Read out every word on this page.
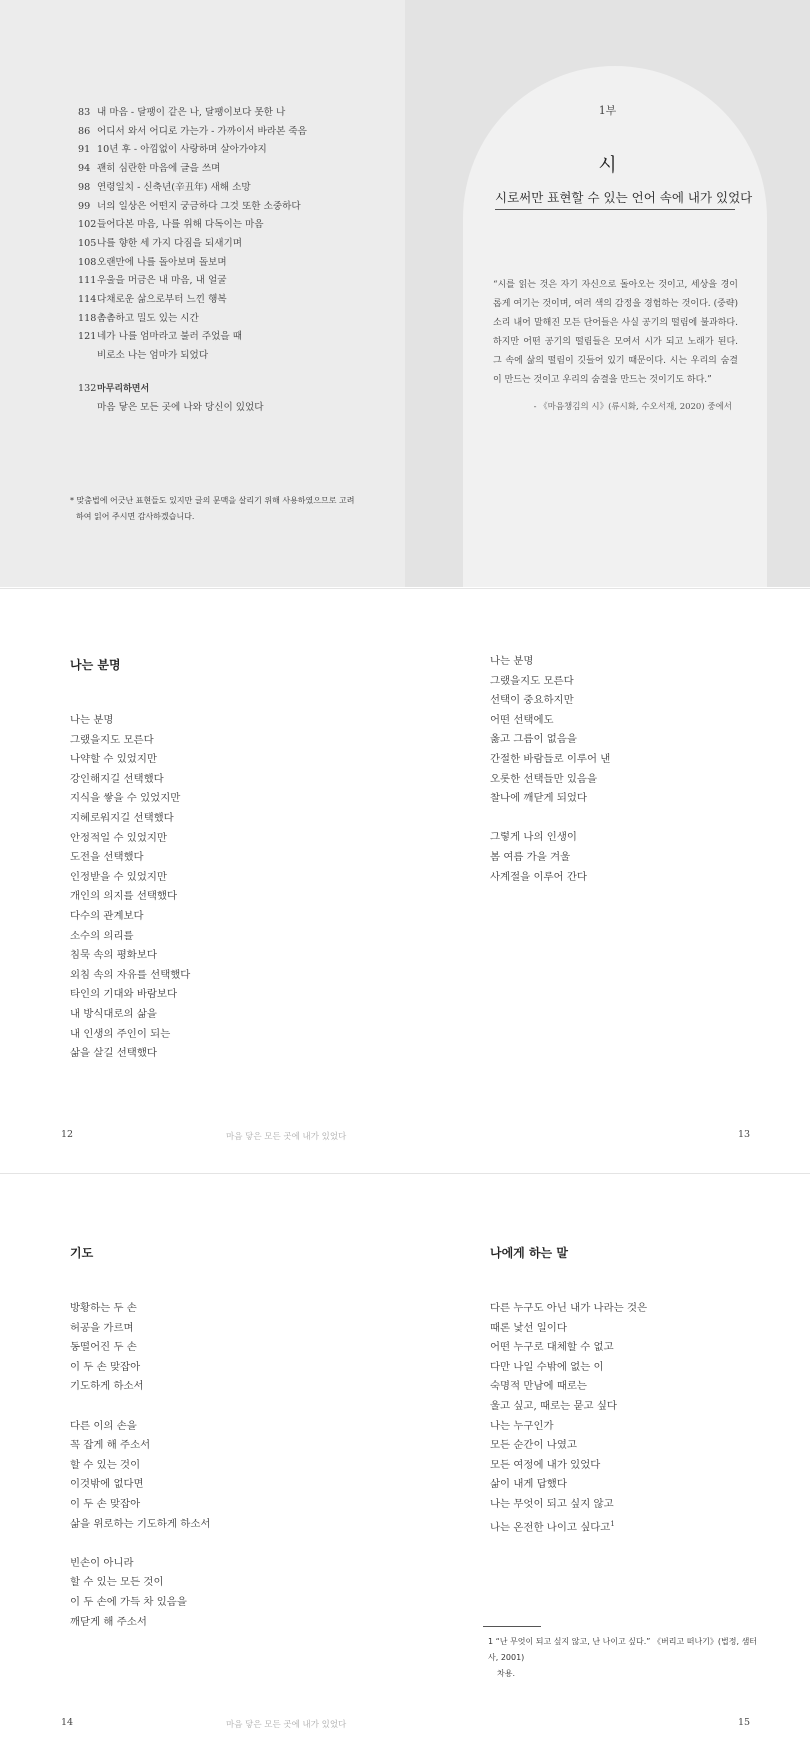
83 내 마음 - 달팽이 같은 나, 달팽이보다 못한 나
86 어디서 와서 어디로 가는가 - 가까이서 바라본 죽음
91 10년 후 - 아낌없이 사랑하며 살아가야지
94 괜히 심란한 마음에 글을 쓰며
98 연령일치 - 신축년(辛丑年) 새해 소망
99 너의 일상은 어떤지 궁금하다 그것 또한 소중하다
102 들어다본 마음, 나를 위해 다독이는 마음
105 나를 향한 세 가지 다짐을 되새기며
108 오랜만에 나를 돌아보며 돌보며
111 우울을 머금은 내 마음, 내 얼굴
114 다채로운 삶으로부터 느낀 행복
118 촘촘하고 밀도 있는 시간
121 네가 나를 엄마라고 불러 주었을 때
비로소 나는 엄마가 되었다
132 마무리하면서
마음 닿은 모든 곳에 나와 당신이 있었다
* 맞춤법에 어긋난 표현들도 있지만 글의 문맥을 살리기 위해 사용하였으므로 고려
하여 읽어 주시면 감사하겠습니다.
1부
시
시로써만 표현할 수 있는 언어 속에 내가 있었다
“시를 읽는 것은 자기 자신으로 돌아오는 것이고, 세상을 경이롭게 여기는 것이며, 여러 색의 감정을 경험하는 것이다. (중략) 소리 내어 말해진 모든 단어들은 사실 공기의 떨림에 불과하다. 하지만 어떤 공기의 떨림들은 모여서 시가 되고 노래가 된다. 그 속에 삶의 떨림이 깃들어 있기 때문이다. 시는 우리의 숨결이 만드는 것이고 우리의 숨결을 만드는 것이기도 하다.”
- 《마음챙김의 시》(류시화, 수오서재, 2020) 중에서
나는 분명
나는 분명
그랬을지도 모른다
나약할 수 있었지만
강인해지길 선택했다
지식을 쌓을 수 있었지만
지혜로워지길 선택했다
안정적일 수 있었지만
도전을 선택했다
인정받을 수 있었지만
개인의 의지를 선택했다
다수의 관계보다
소수의 의리를
침묵 속의 평화보다
외침 속의 자유를 선택했다
타인의 기대와 바람보다
내 방식대로의 삶을
내 인생의 주인이 되는
삶을 살길 선택했다
나는 분명
그랬을지도 모른다
선택이 중요하지만
어떤 선택에도
옳고 그름이 없음을
간절한 바람들로 이루어 낸
오롯한 선택들만 있음을
찰나에 깨닫게 되었다
그렇게 나의 인생이
봄 여름 가을 겨울
사계절을 이루어 간다
12	마음 닿은 모든 곳에 내가 있었다	13
기도
방황하는 두 손
허공을 가르며
동떨어진 두 손
이 두 손 맞잡아
기도하게 하소서
다른 이의 손을
꼭 잡게 해 주소서
할 수 있는 것이
이것밖에 없다면
이 두 손 맞잡아
삶을 위로하는 기도하게 하소서
빈손이 아니라
할 수 있는 모든 것이
이 두 손에 가득 차 있음을
깨닫게 해 주소서
나에게 하는 말
다른 누구도 아닌 내가 나라는 것은
때론 낯선 일이다
어떤 누구로 대체할 수 없고
다만 나일 수밖에 없는 이
숙명적 만남에 때로는
울고 싶고, 때로는 묻고 싶다
나는 누구인가
모든 순간이 나였고
모든 여정에 내가 있었다
삶이 내게 답했다
나는 무엇이 되고 싶지 않고
나는 온전한 나이고 싶다고$^1$
14	마음 닿은 모든 곳에 내가 있었다	15
1 “난 무엇이 되고 싶지 않고, 난 나이고 싶다.” 《버리고 떠나기》(법정, 샘터사, 2001)
차용.
